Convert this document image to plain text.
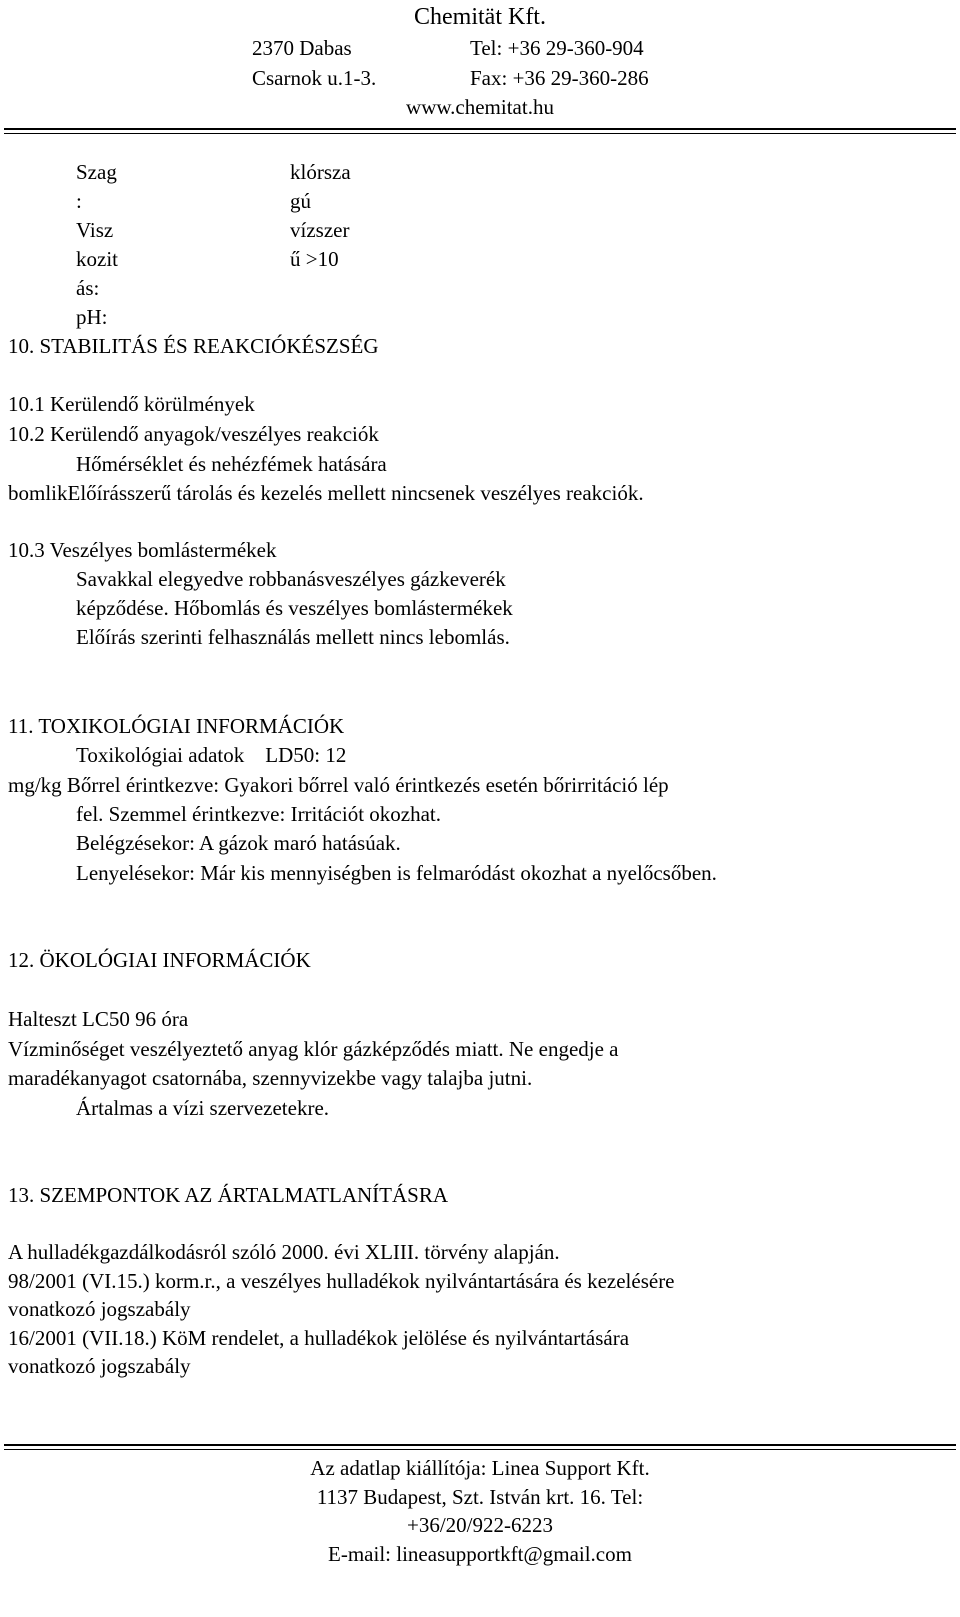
Chemität Kft.
2370 Dabas	Tel: +36 29-360-904
Csarnok u.1-3.	Fax: +36 29-360-286
www.chemitat.hu
Szag
:
Visz
kozit
ás:
pH:
klórsza
gú
vízszer
ű >10
10. STABILITÁS ÉS REAKCIÓKÉSZSÉG
10.1 Kerülendő körülmények
10.2 Kerülendő anyagok/veszélyes reakciók
Hőmérséklet és nehézfémek hatására
bomlikElőírásszerű tárolás és kezelés mellett nincsenek veszélyes reakciók.
10.3 Veszélyes bomlástermékek
Savakkal elegyedve robbanásveszélyes gázkeverék
képződése. Hőbomlás és veszélyes bomlástermékek
Előírás szerinti felhasználás mellett nincs lebomlás.
11. TOXIKOLÓGIAI INFORMÁCIÓK
Toxikológiai adatok    LD50: 12
mg/kg Bőrrel érintkezve: Gyakori bőrrel való érintkezés esetén bőrirritáció lép
fel. Szemmel érintkezve: Irritációt okozhat.
Belégzésekor: A gázok maró hatásúak.
Lenyelésekor: Már kis mennyiségben is felmaródást okozhat a nyelőcsőben.
12. ÖKOLÓGIAI INFORMÁCIÓK
Halteszt LC50 96 óra
Vízminőséget veszélyeztető anyag klór gázképződés miatt. Ne engedje a
maradékanyagot csatornába, szennyvizekbe vagy talajba jutni.
Ártalmas a vízi szervezetekre.
13. SZEMPONTOK AZ ÁRTALMATLANÍTÁSRA
A hulladékgazdálkodásról szóló 2000. évi XLIII. törvény alapján.
98/2001 (VI.15.) korm.r., a veszélyes hulladékok nyilvántartására és kezelésére
vonatkozó jogszabály
16/2001 (VII.18.) KöM rendelet, a hulladékok jelölése és nyilvántartására
vonatkozó jogszabály
Az adatlap kiállítója: Linea Support Kft.
1137 Budapest, Szt. István krt. 16. Tel:
+36/20/922-6223
E-mail: lineasupportkft@gmail.com
